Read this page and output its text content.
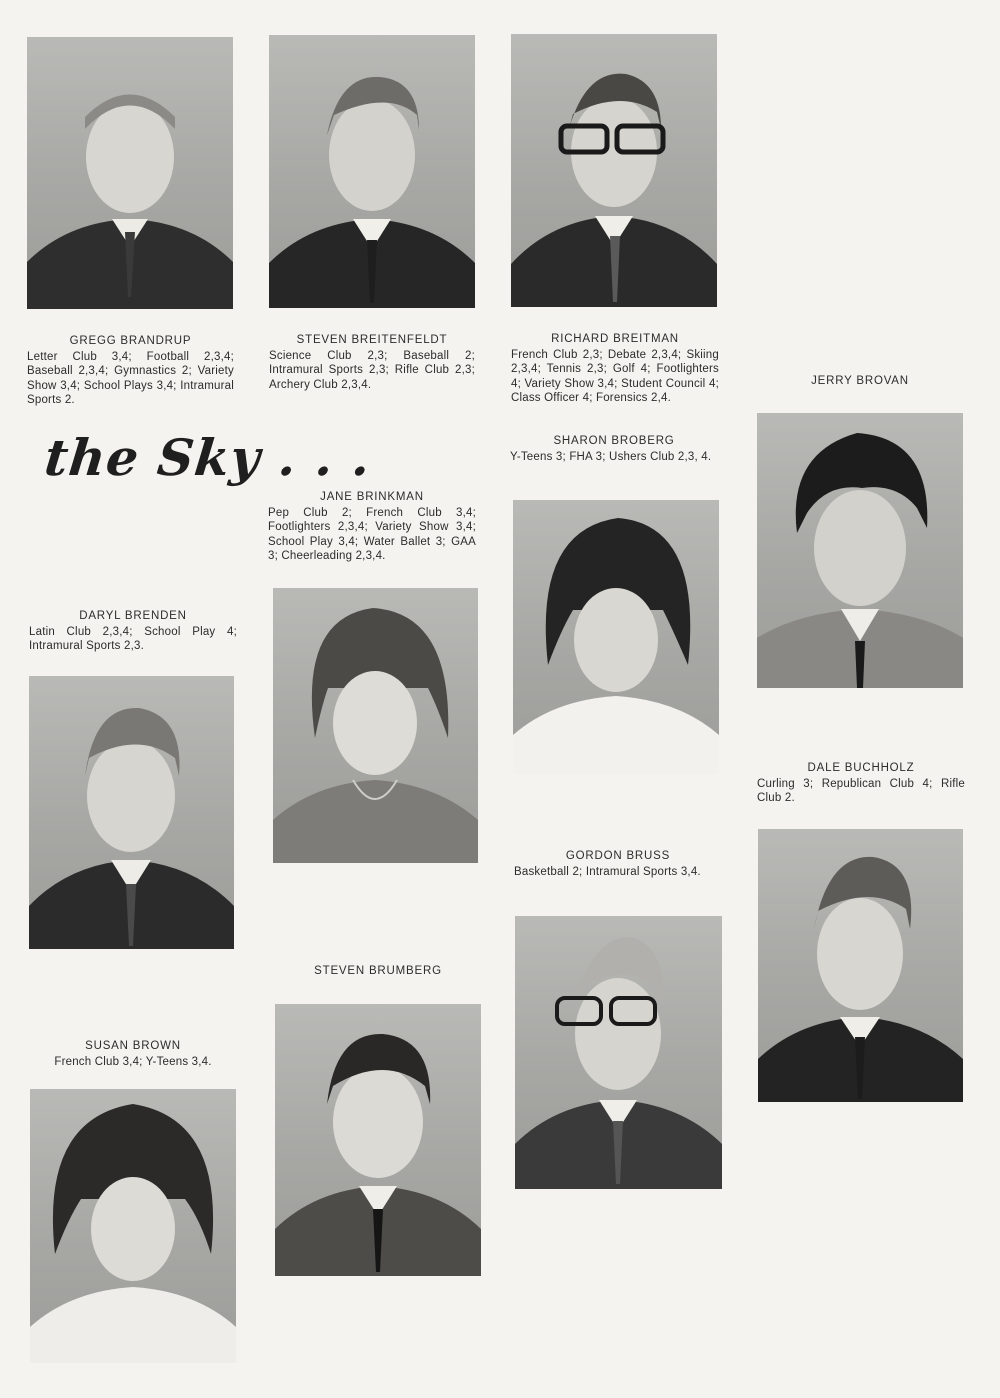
the Sky . . .
GREGG BRANDRUP
Letter Club 3,4; Football 2,3,4; Baseball 2,3,4; Gymnastics 2; Variety Show 3,4; School Plays 3,4; Intramural Sports 2.
STEVEN BREITENFELDT
Science Club 2,3; Baseball 2; Intramural Sports 2,3; Rifle Club 2,3; Archery Club 2,3,4.
RICHARD BREITMAN
French Club 2,3; Debate 2,3,4; Skiing 2,3,4; Tennis 2,3; Golf 4; Footlighters 4; Variety Show 3,4; Student Council 4; Class Officer 4; Forensics 2,4.
JERRY BROVAN
SHARON BROBERG
Y-Teens 3; FHA 3; Ushers Club 2,3, 4.
JANE BRINKMAN
Pep Club 2; French Club 3,4; Footlighters 2,3,4; Variety Show 3,4; School Play 3,4; Water Ballet 3; GAA 3; Cheerleading 2,3,4.
DARYL BRENDEN
Latin Club 2,3,4; School Play 4; Intramural Sports 2,3.
DALE BUCHHOLZ
Curling 3; Republican Club 4; Rifle Club 2.
GORDON BRUSS
Basketball 2; Intramural Sports 3,4.
STEVEN BRUMBERG
SUSAN BROWN
French Club 3,4; Y-Teens 3,4.
